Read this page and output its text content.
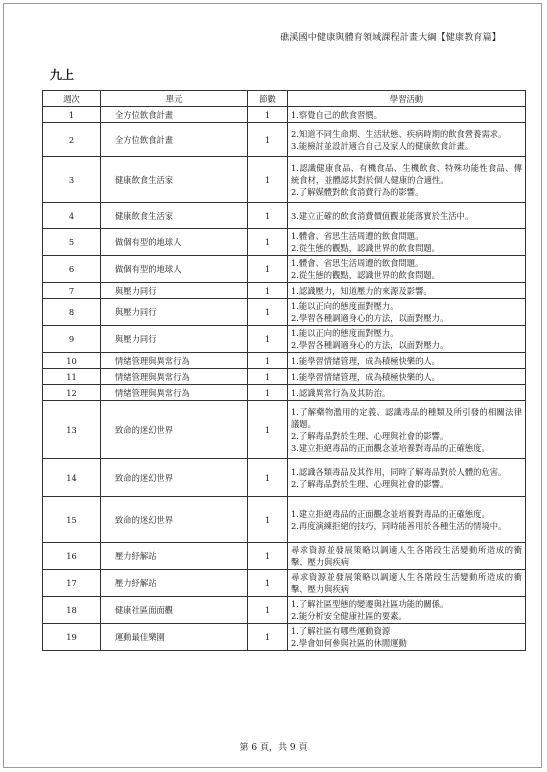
礁溪國中健康與體育領域課程計畫大綱【健康教育篇】
九上
週次	單元	節數	學習活動
1	全方位飲食計畫	1	1.察覺自己的飲食習慣。

2	全方位飲食計畫	1	2.知道不同生命期、生活狀態、疾病時期的飲食營養需求。
3.能檢討並設計適合自己及家人的健康飲食計畫。

3	健康飲食生活家	1	1.認識健康食品、有機食品、生機飲食、特殊功能性食品、傳統食材，並體認其對於個人健康的合適性。
2.了解媒體對飲食消費行為的影響。

4	健康飲食生活家	1	3.建立正確的飲食消費價值觀並能落實於生活中。

5	做個有型的地球人	1	1.體會、省思生活周遭的飲食問題。
2.從生態的觀點，認識世界的飲食問題。

6	做個有型的地球人	1	1.體會、省思生活周遭的飲食問題。
2.從生態的觀點，認識世界的飲食問題。

7	與壓力同行	1	1.認識壓力，知道壓力的來源及影響。

8	與壓力同行	1	1.能以正向的態度面對壓力。
2.學習各種調適身心的方法，以面對壓力。

9	與壓力同行	1	1.能以正向的態度面對壓力。
2.學習各種調適身心的方法，以面對壓力。

10	情緒管理與異常行為	1	1.能學習情緒管理，成為積極快樂的人。

11	情緒管理與異常行為	1	1.能學習情緒管理，成為積極快樂的人。

12	情緒管理與異常行為	1	1.認識異常行為及其防治。

13	致命的迷幻世界	1	1.了解藥物濫用的定義、認識毒品的種類及所引發的相關法律議題。
2.了解毒品對於生理、心理與社會的影響。
3.建立拒絕毒品的正面觀念並培養對毒品的正確態度。

14	致命的迷幻世界	1	1.認識各類毒品及其作用，同時了解毒品對於人體的危害。
2.了解毒品對於生理、心理與社會的影響。

15	致命的迷幻世界	1	1.建立拒絕毒品的正面觀念並培養對毒品的正確態度。
2.再度演練拒絕的技巧，同時能善用於各種生活的情境中。

16	壓力紓解站	1	尋求資源並發展策略以調適人生各階段生活變動所造成的衝擊、壓力與疾病

17	壓力紓解站	1	尋求資源並發展策略以調適人生各階段生活變動所造成的衝擊、壓力與疾病

18	健康社區面面觀	1	1.了解社區型態的變遷與社區功能的關係。
2.能分析安全健康社區的要素。

19	運動最佳樂園	1	1.了解社區有哪些運動資源
2.學會如何參與社區的休閒運動
第 6 頁，共 9 頁
